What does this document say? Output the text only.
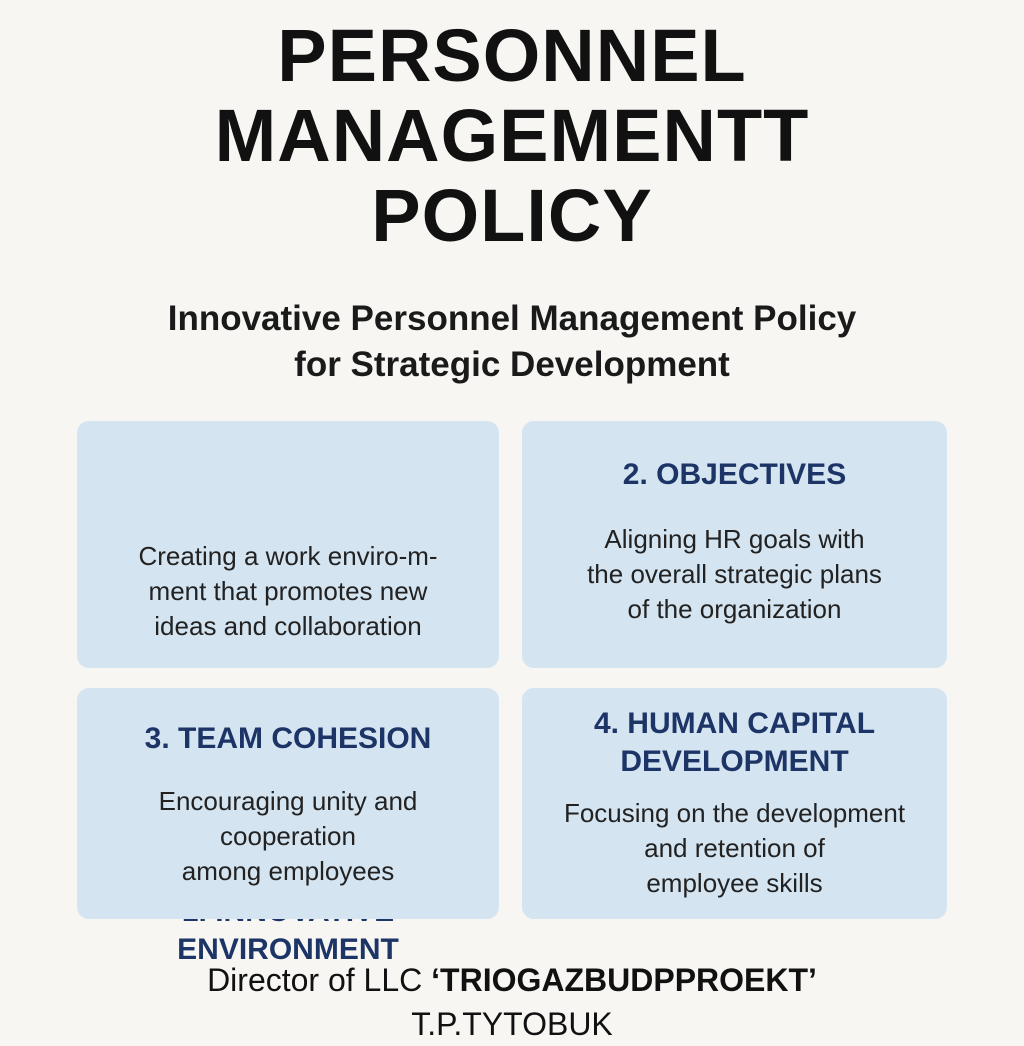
PERSONNEL
MANAGEMENTT
POLICY
Innovative Personnel Management Policy
for Strategic Development
ENVIRONMENT
Creating a work enviro-m-
ment that promotes new
ideas and collaboration
2. OBJECTIVES
Aligning HR goals with
the overall strategic plans
of the organization
3. TEAM COHESION
Encouraging unity and
cooperation
among employees
4. HUMAN CAPITAL
DEVELOPMENT
Focusing on the development
and retention of
employee skills
Director of LLC ‘TRIOGAZBUDPPROEKT’
T.P.TYTOBUK
